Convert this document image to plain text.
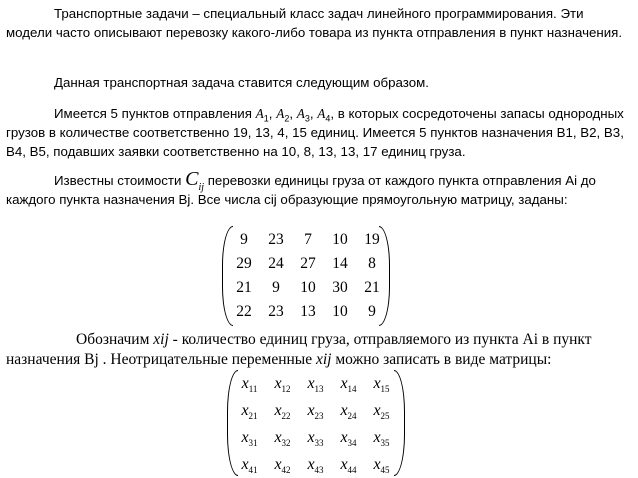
Транспортные задачи – специальный класс задач линейного программирования. Эти модели часто описывают перевозку какого-либо товара из пункта отправления в пункт назначения.

Данная транспортная задача ставится следующим образом.

Имеется 5 пунктов отправления $A_1$, $A_2$, $A_3$, $A_4$, в которых сосредоточены запасы однородных грузов в количестве соответственно 19, 13, 4, 15 единиц. Имеется 5 пунктов назначения B1, B2, B3, B4, B5, подавших заявки соответственно на 10, 8, 13, 13, 17 единиц груза.

Известны стоимости $C_{ij}$ перевозки единицы груза от каждого пункта отправления Ai до каждого пункта назначения Bj. Все числа cij образующие прямоугольную матрицу, заданы:

9	23	7	10	19
29	24	27	14	8
21	9	10	30	21
22	23	13	10	9

Обозначим xij - количество единиц груза, отправляемого из пункта Ai в пункт назначения Bj . Неотрицательные переменные xij можно записать в виде матрицы:

$x_{11}$	$x_{12}$	$x_{13}$	$x_{14}$	$x_{15}$
$x_{21}$	$x_{22}$	$x_{23}$	$x_{24}$	$x_{25}$
$x_{31}$	$x_{32}$	$x_{33}$	$x_{34}$	$x_{35}$
$x_{41}$	$x_{42}$	$x_{43}$	$x_{44}$	$x_{45}$
